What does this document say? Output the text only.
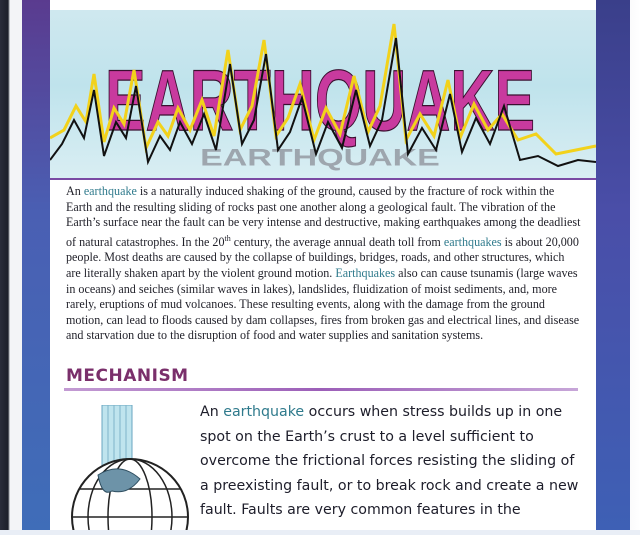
EARTHQUAKE
EARTHQUAKE
An earthquake is a naturally induced shaking of the ground, caused by the fracture of rock within the Earth and the resulting sliding of rocks past one another along a geological fault. The vibration of the Earth’s surface near the fault can be very intense and destructive, making earthquakes among the deadliest of natural catastrophes. In the 20th century, the average annual death toll from earthquakes is about 20,000 people. Most deaths are caused by the collapse of buildings, bridges, roads, and other structures, which are literally shaken apart by the violent ground motion. Earthquakes also can cause tsunamis (large waves in oceans) and seiches (similar waves in lakes), landslides, fluidization of moist sediments, and, more rarely, eruptions of mud volcanoes. These resulting events, along with the damage from the ground motion, can lead to floods caused by dam collapses, fires from broken gas and electrical lines, and disease and starvation due to the disruption of food and water supplies and sanitation systems.
MECHANISM
An earthquake occurs when stress builds up in one spot on the Earth’s crust to a level sufficient to overcome the frictional forces resisting the sliding of a preexisting fault, or to break rock and create a new fault. Faults are very common features in the
